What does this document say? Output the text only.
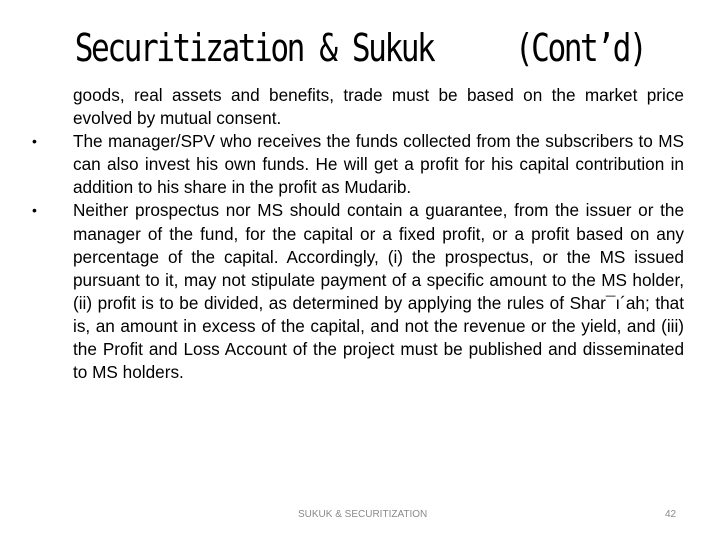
Securitization & Sukuk     (Cont’d)

goods, real assets and benefits, trade must be based on the market price evolved by mutual consent.

• The manager/SPV who receives the funds collected from the subscribers to MS can also invest his own funds. He will get a profit for his capital contribution in addition to his share in the profit as Mudarib.

• Neither prospectus nor MS should contain a guarantee, from the issuer or the manager of the fund, for the capital or a fixed profit, or a profit based on any percentage of the capital. Accordingly, (i) the prospectus, or the MS issued pursuant to it, may not stipulate payment of a specific amount to the MS holder, (ii) profit is to be divided, as determined by applying the rules of Shar¯ı´ah; that is, an amount in excess of the capital, and not the revenue or the yield, and (iii) the Profit and Loss Account of the project must be published and disseminated to MS holders.

SUKUK & SECURITIZATION	42
